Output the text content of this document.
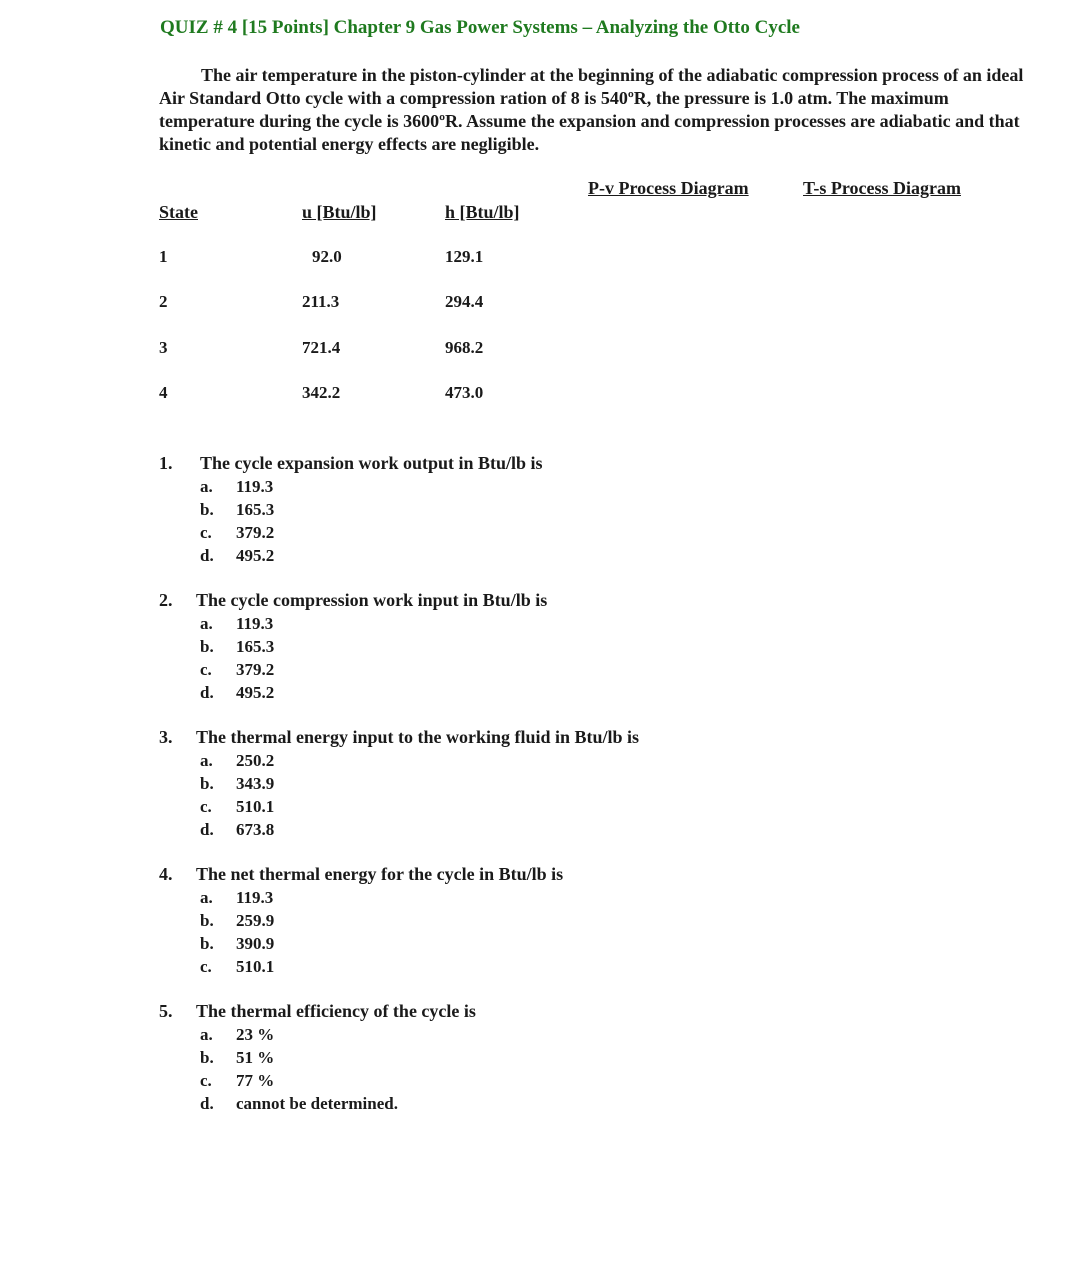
QUIZ # 4 [15 Points] Chapter 9 Gas Power Systems – Analyzing the Otto Cycle

The air temperature in the piston-cylinder at the beginning of the adiabatic compression process of an ideal Air Standard Otto cycle with a compression ration of 8 is 540ºR, the pressure is 1.0 atm. The maximum temperature during the cycle is 3600ºR. Assume the expansion and compression processes are adiabatic and that kinetic and potential energy effects are negligible.

P-v Process Diagram	T-s Process Diagram
State	u [Btu/lb]	h [Btu/lb]
1	92.0	129.1
2	211.3	294.4
3	721.4	968.2
4	342.2	473.0
1.	The cycle expansion work output in Btu/lb is
a.	119.3
b.	165.3
c.	379.2
d.	495.2
2.	The cycle compression work input in Btu/lb is
a.	119.3
b.	165.3
c.	379.2
d.	495.2
3.	The thermal energy input to the working fluid in Btu/lb is
a.	250.2
b.	343.9
c.	510.1
d.	673.8
4.	The net thermal energy for the cycle in Btu/lb is
a.	119.3
b.	259.9
b.	390.9
c.	510.1
5.	The thermal efficiency of the cycle is
a.	23 %
b.	51 %
c.	77 %
d.	cannot be determined.
